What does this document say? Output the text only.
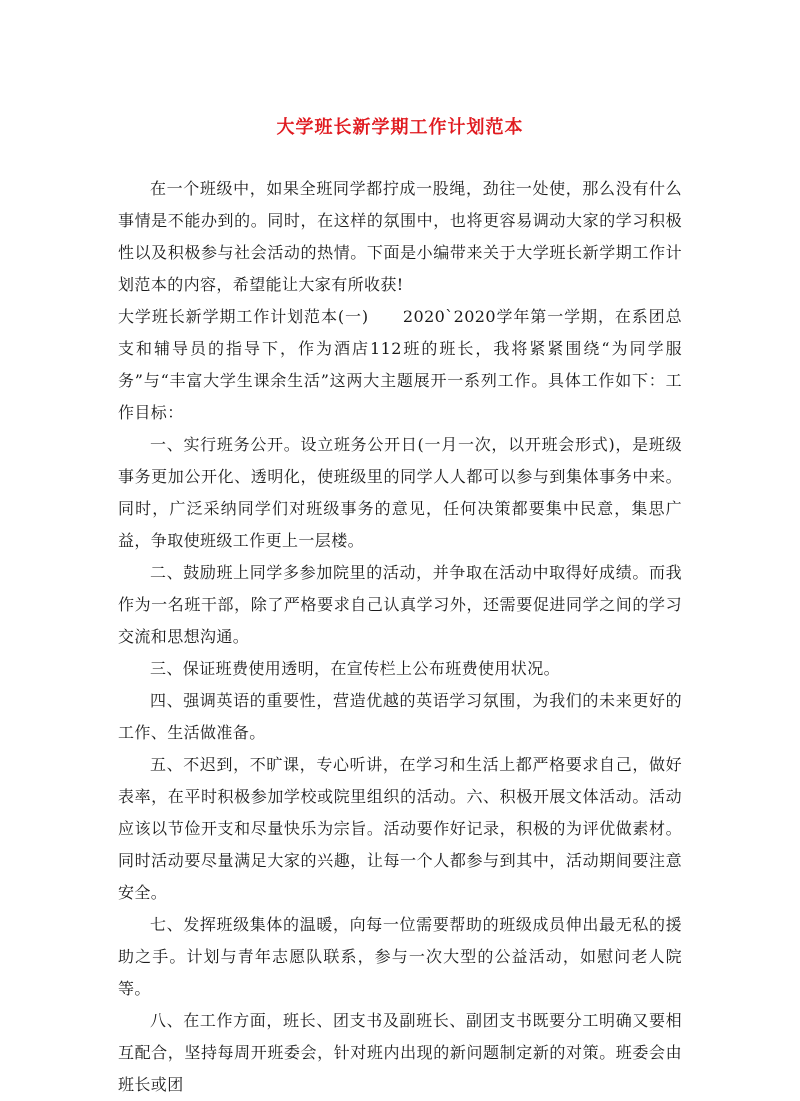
大学班长新学期工作计划范本

在一个班级中，如果全班同学都拧成一股绳，劲往一处使，那么没有什么事情是不能办到的。同时，在这样的氛围中，也将更容易调动大家的学习积极性以及积极参与社会活动的热情。下面是小编带来关于大学班长新学期工作计划范本的内容，希望能让大家有所收获!

大学班长新学期工作计划范本(一)　　2020`2020学年第一学期，在系团总支和辅导员的指导下，作为酒店112班的班长，我将紧紧围绕“为同学服务”与“丰富大学生课余生活”这两大主题展开一系列工作。具体工作如下：工作目标：

一、实行班务公开。设立班务公开日(一月一次，以开班会形式)，是班级事务更加公开化、透明化，使班级里的同学人人都可以参与到集体事务中来。同时，广泛采纳同学们对班级事务的意见，任何决策都要集中民意，集思广益，争取使班级工作更上一层楼。

二、鼓励班上同学多参加院里的活动，并争取在活动中取得好成绩。而我作为一名班干部，除了严格要求自己认真学习外，还需要促进同学之间的学习交流和思想沟通。

三、保证班费使用透明，在宣传栏上公布班费使用状况。

四、强调英语的重要性，营造优越的英语学习氛围，为我们的未来更好的工作、生活做准备。

五、不迟到，不旷课，专心听讲，在学习和生活上都严格要求自己，做好表率，在平时积极参加学校或院里组织的活动。六、积极开展文体活动。活动应该以节俭开支和尽量快乐为宗旨。活动要作好记录，积极的为评优做素材。同时活动要尽量满足大家的兴趣，让每一个人都参与到其中，活动期间要注意安全。

七、发挥班级集体的温暖，向每一位需要帮助的班级成员伸出最无私的援助之手。计划与青年志愿队联系，参与一次大型的公益活动，如慰问老人院等。

八、在工作方面，班长、团支书及副班长、副团支书既要分工明确又要相互配合，坚持每周开班委会，针对班内出现的新问题制定新的对策。班委会由班长或团
